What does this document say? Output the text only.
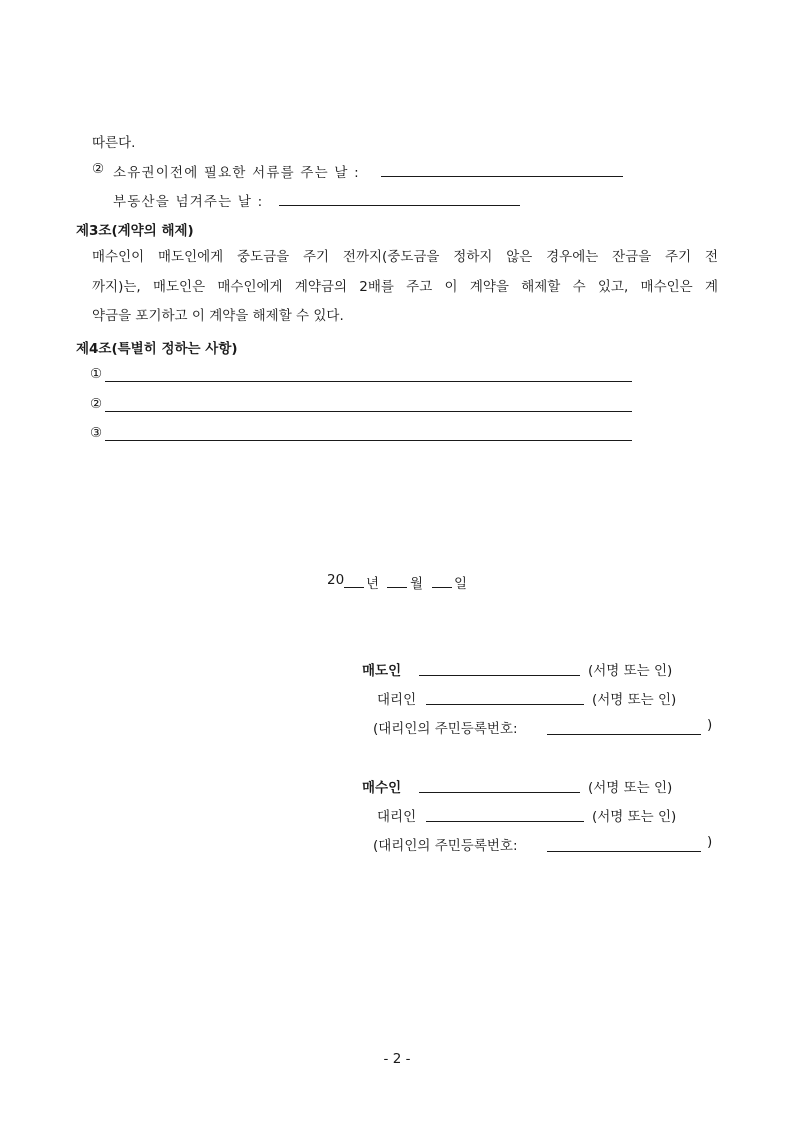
따른다.
② 소유권이전에 필요한 서류를 주는 날 :
부동산을 넘겨주는 날 :
제3조(계약의 해제)
매수인이 매도인에게 중도금을 주기 전까지(중도금을 정하지 않은 경우에는 잔금을 주기 전
까지)는, 매도인은 매수인에게 계약금의 2배를 주고 이 계약을 해제할 수 있고, 매수인은 계
약금을 포기하고 이 계약을 해제할 수 있다.
제4조(특별히 정하는 사항)
①
②
③
20 년 월 일
매도인	(서명 또는 인)
대리인	(서명 또는 인)
(대리인의 주민등록번호:	)
매수인	(서명 또는 인)
대리인	(서명 또는 인)
(대리인의 주민등록번호:	)
- 2 -
